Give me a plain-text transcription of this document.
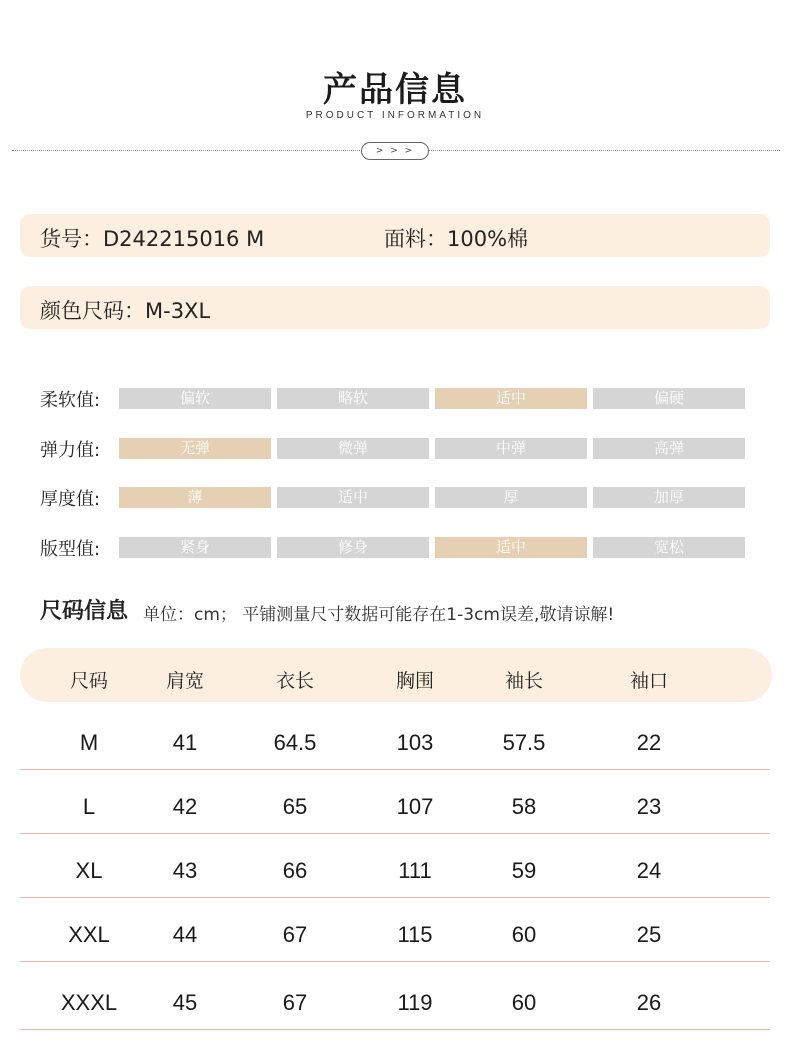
产品信息
PRODUCT INFORMATION
> > >
货号：D242215016 M	面料：100%棉
颜色尺码：M-3XL
柔软值:	偏软	略软	适中	偏硬
弹力值:	无弹	微弹	中弹	高弹
厚度值:	薄	适中	厚	加厚
版型值:	紧身	修身	适中	宽松
尺码信息 单位：cm； 平铺测量尺寸数据可能存在1-3cm误差,敬请谅解!
尺码	肩宽	衣长	胸围	袖长	袖口
M	41	64.5	103	57.5	22
L	42	65	107	58	23
XL	43	66	111	59	24
XXL	44	67	115	60	25
XXXL	45	67	119	60	26
